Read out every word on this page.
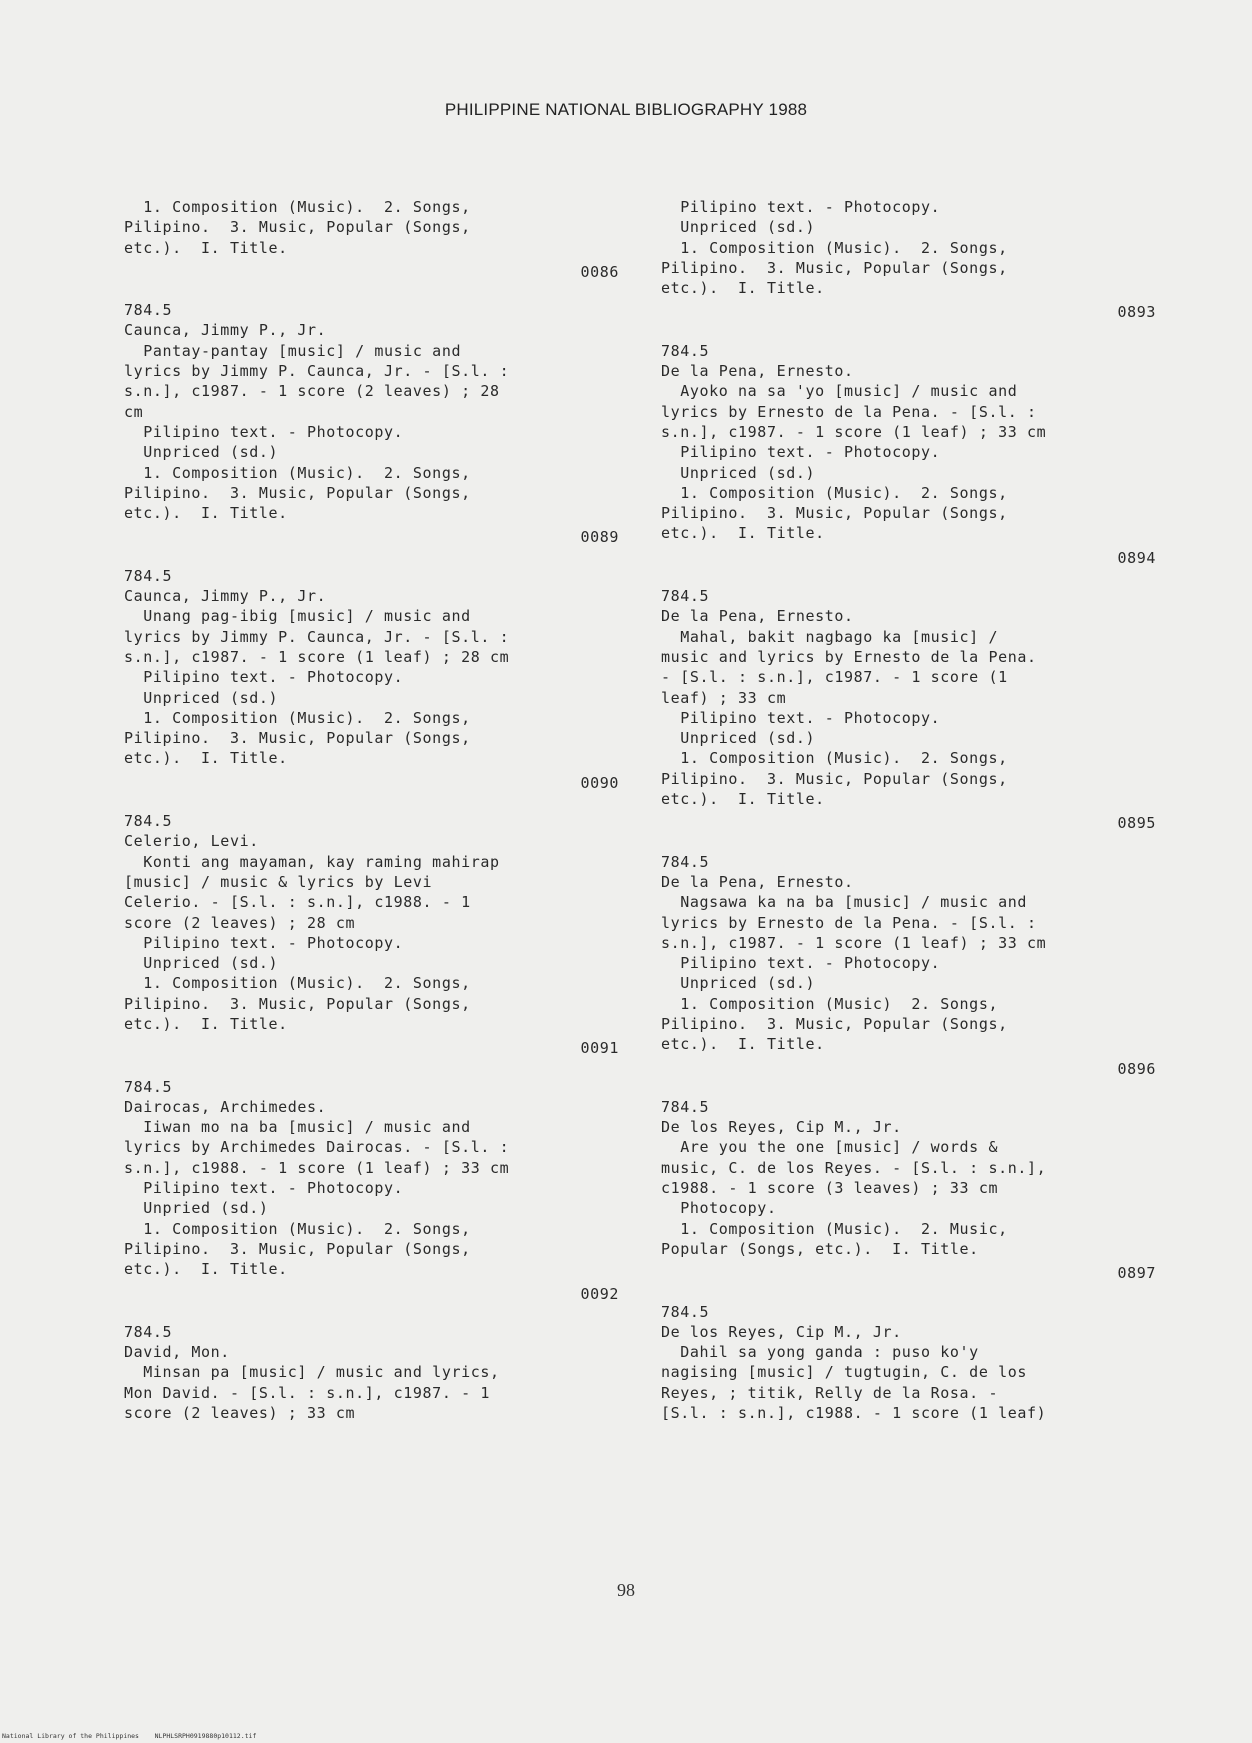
PHILIPPINE NATIONAL BIBLIOGRAPHY 1988
1. Composition (Music).  2. Songs,
Pilipino.  3. Music, Popular (Songs,
etc.).  I. Title.
0086
784.5
Caunca, Jimmy P., Jr.
Pantay-pantay [music] / music and
lyrics by Jimmy P. Caunca, Jr. - [S.l. :
s.n.], c1987. - 1 score (2 leaves) ; 28
cm
Pilipino text. - Photocopy.
Unpriced (sd.)
1. Composition (Music).  2. Songs,
Pilipino.  3. Music, Popular (Songs,
etc.).  I. Title.
0089
784.5
Caunca, Jimmy P., Jr.
Unang pag-ibig [music] / music and
lyrics by Jimmy P. Caunca, Jr. - [S.l. :
s.n.], c1987. - 1 score (1 leaf) ; 28 cm
Pilipino text. - Photocopy.
Unpriced (sd.)
1. Composition (Music).  2. Songs,
Pilipino.  3. Music, Popular (Songs,
etc.).  I. Title.
0090
784.5
Celerio, Levi.
Konti ang mayaman, kay raming mahirap
[music] / music & lyrics by Levi
Celerio. - [S.l. : s.n.], c1988. - 1
score (2 leaves) ; 28 cm
Pilipino text. - Photocopy.
Unpriced (sd.)
1. Composition (Music).  2. Songs,
Pilipino.  3. Music, Popular (Songs,
etc.).  I. Title.
0091
784.5
Dairocas, Archimedes.
Iiwan mo na ba [music] / music and
lyrics by Archimedes Dairocas. - [S.l. :
s.n.], c1988. - 1 score (1 leaf) ; 33 cm
Pilipino text. - Photocopy.
Unpried (sd.)
1. Composition (Music).  2. Songs,
Pilipino.  3. Music, Popular (Songs,
etc.).  I. Title.
0092
784.5
David, Mon.
Minsan pa [music] / music and lyrics,
Mon David. - [S.l. : s.n.], c1987. - 1
score (2 leaves) ; 33 cm
Pilipino text. - Photocopy.
Unpriced (sd.)
1. Composition (Music).  2. Songs,
Pilipino.  3. Music, Popular (Songs,
etc.).  I. Title.
0893
784.5
De la Pena, Ernesto.
Ayoko na sa 'yo [music] / music and
lyrics by Ernesto de la Pena. - [S.l. :
s.n.], c1987. - 1 score (1 leaf) ; 33 cm
Pilipino text. - Photocopy.
Unpriced (sd.)
1. Composition (Music).  2. Songs,
Pilipino.  3. Music, Popular (Songs,
etc.).  I. Title.
0894
784.5
De la Pena, Ernesto.
Mahal, bakit nagbago ka [music] /
music and lyrics by Ernesto de la Pena.
- [S.l. : s.n.], c1987. - 1 score (1
leaf) ; 33 cm
Pilipino text. - Photocopy.
Unpriced (sd.)
1. Composition (Music).  2. Songs,
Pilipino.  3. Music, Popular (Songs,
etc.).  I. Title.
0895
784.5
De la Pena, Ernesto.
Nagsawa ka na ba [music] / music and
lyrics by Ernesto de la Pena. - [S.l. :
s.n.], c1987. - 1 score (1 leaf) ; 33 cm
Pilipino text. - Photocopy.
Unpriced (sd.)
1. Composition (Music)  2. Songs,
Pilipino.  3. Music, Popular (Songs,
etc.).  I. Title.
0896
784.5
De los Reyes, Cip M., Jr.
Are you the one [music] / words &
music, C. de los Reyes. - [S.l. : s.n.],
c1988. - 1 score (3 leaves) ; 33 cm
Photocopy.
1. Composition (Music).  2. Music,
Popular (Songs, etc.).  I. Title.
0897
784.5
De los Reyes, Cip M., Jr.
Dahil sa yong ganda : puso ko'y
nagising [music] / tugtugin, C. de los
Reyes, ; titik, Relly de la Rosa. -
[S.l. : s.n.], c1988. - 1 score (1 leaf)
98
National Library of the Philippines    NLPHLSRPH0919880p10112.tif
